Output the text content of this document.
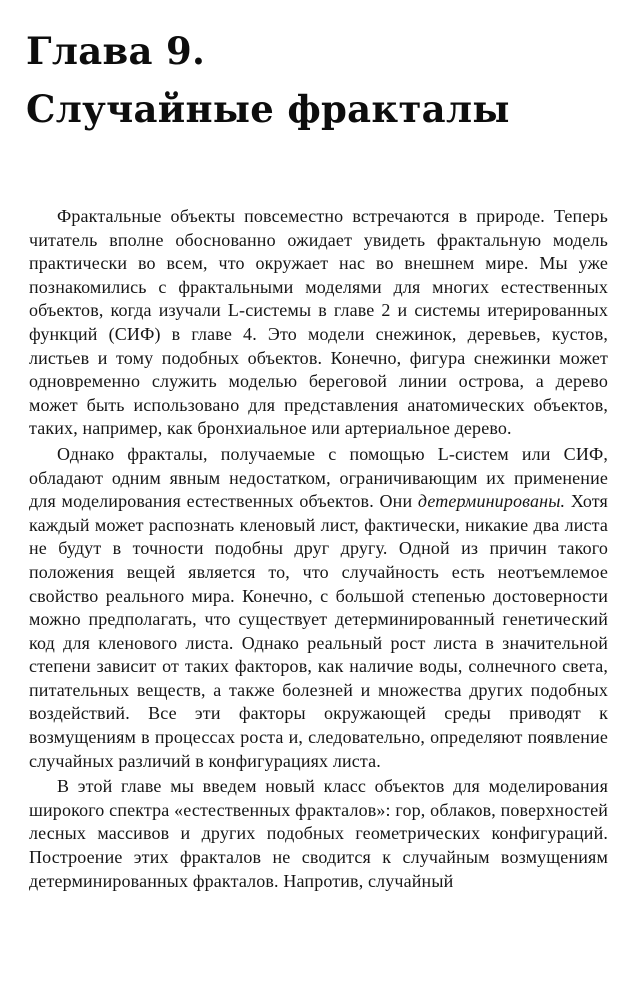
Глава 9.
Случайные фракталы

Фрактальные объекты повсеместно встречаются в природе. Теперь читатель вполне обоснованно ожидает увидеть фрактальную модель практически во всем, что окружает нас во внешнем мире. Мы уже познакомились с фрактальными моделями для многих естественных объектов, когда изучали L-системы в главе 2 и системы итерированных функций (СИФ) в главе 4. Это модели снежинок, деревьев, кустов, листьев и тому подобных объектов. Конечно, фигура снежинки может одновременно служить моделью береговой линии острова, а дерево может быть использовано для представления анатомических объектов, таких, например, как бронхиальное или артериальное дерево.

Однако фракталы, получаемые с помощью L-систем или СИФ, обладают одним явным недостатком, ограничивающим их применение для моделирования естественных объектов. Они детерминированы. Хотя каждый может распознать кленовый лист, фактически, никакие два листа не будут в точности подобны друг другу. Одной из причин такого положения вещей является то, что случайность есть неотъемлемое свойство реального мира. Конечно, с большой степенью достоверности можно предполагать, что существует детерминированный генетический код для кленового листа. Однако реальный рост листа в значительной степени зависит от таких факторов, как наличие воды, солнечного света, питательных веществ, а также болезней и множества других подобных воздействий. Все эти факторы окружающей среды приводят к возмущениям в процессах роста и, следовательно, определяют появление случайных различий в конфигурациях листа.

В этой главе мы введем новый класс объектов для моделирования широкого спектра «естественных фракталов»: гор, облаков, поверхностей лесных массивов и других подобных геометрических конфигураций. Построение этих фракталов не сводится к случайным возмущениям детерминированных фракталов. Напротив, случайный
